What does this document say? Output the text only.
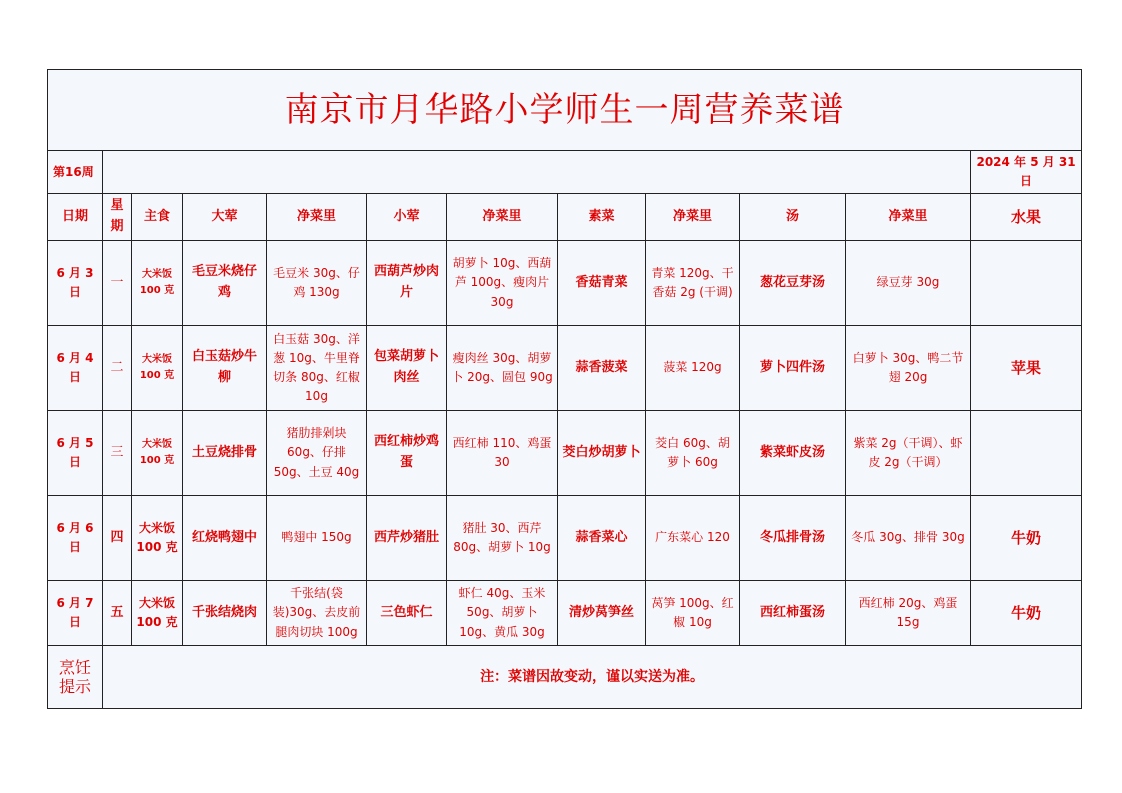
南京市月华路小学师生一周营养菜谱											
第16周											2024 年 5 月 31 日
日期	星期	主食	大荤	净菜里	小荤	净菜里	素菜	净菜里	汤	净菜里	水果
6 月 3 日	一	大米饭 100 克	毛豆米烧仔鸡	毛豆米 30g、仔鸡 130g	西葫芦炒肉片	胡萝卜 10g、西葫芦 100g、瘦肉片 30g	香菇青菜	青菜 120g、干香菇 2g (干调)	葱花豆芽汤	绿豆芽 30g	
6 月 4 日	二	大米饭 100 克	白玉菇炒牛柳	白玉菇 30g、洋葱 10g、牛里脊切条 80g、红椒 10g	包菜胡萝卜肉丝	瘦肉丝 30g、胡萝卜 20g、圆包 90g	蒜香菠菜	菠菜 120g	萝卜四件汤	白萝卜 30g、鸭二节翅 20g	苹果
6 月 5 日	三	大米饭 100 克	土豆烧排骨	猪肋排剁块 60g、仔排 50g、土豆 40g	西红柿炒鸡蛋	西红柿 110、鸡蛋 30	茭白炒胡萝卜	茭白 60g、胡萝卜 60g	紫菜虾皮汤	紫菜 2g（干调）、虾皮 2g（干调）	
6 月 6 日	四	大米饭 100 克	红烧鸭翅中	鸭翅中 150g	西芹炒猪肚	猪肚 30、西芹 80g、胡萝卜 10g	蒜香菜心	广东菜心 120	冬瓜排骨汤	冬瓜 30g、排骨 30g	牛奶
6 月 7 日	五	大米饭 100 克	千张结烧肉	千张结(袋装)30g、去皮前腿肉切块 100g	三色虾仁	虾仁 40g、玉米 50g、胡萝卜 10g、黄瓜 30g	清炒莴笋丝	莴笋 100g、红椒 10g	西红柿蛋汤	西红柿 20g、鸡蛋 15g	牛奶
烹饪提示	注：菜谱因故变动，谨以实送为准。										
